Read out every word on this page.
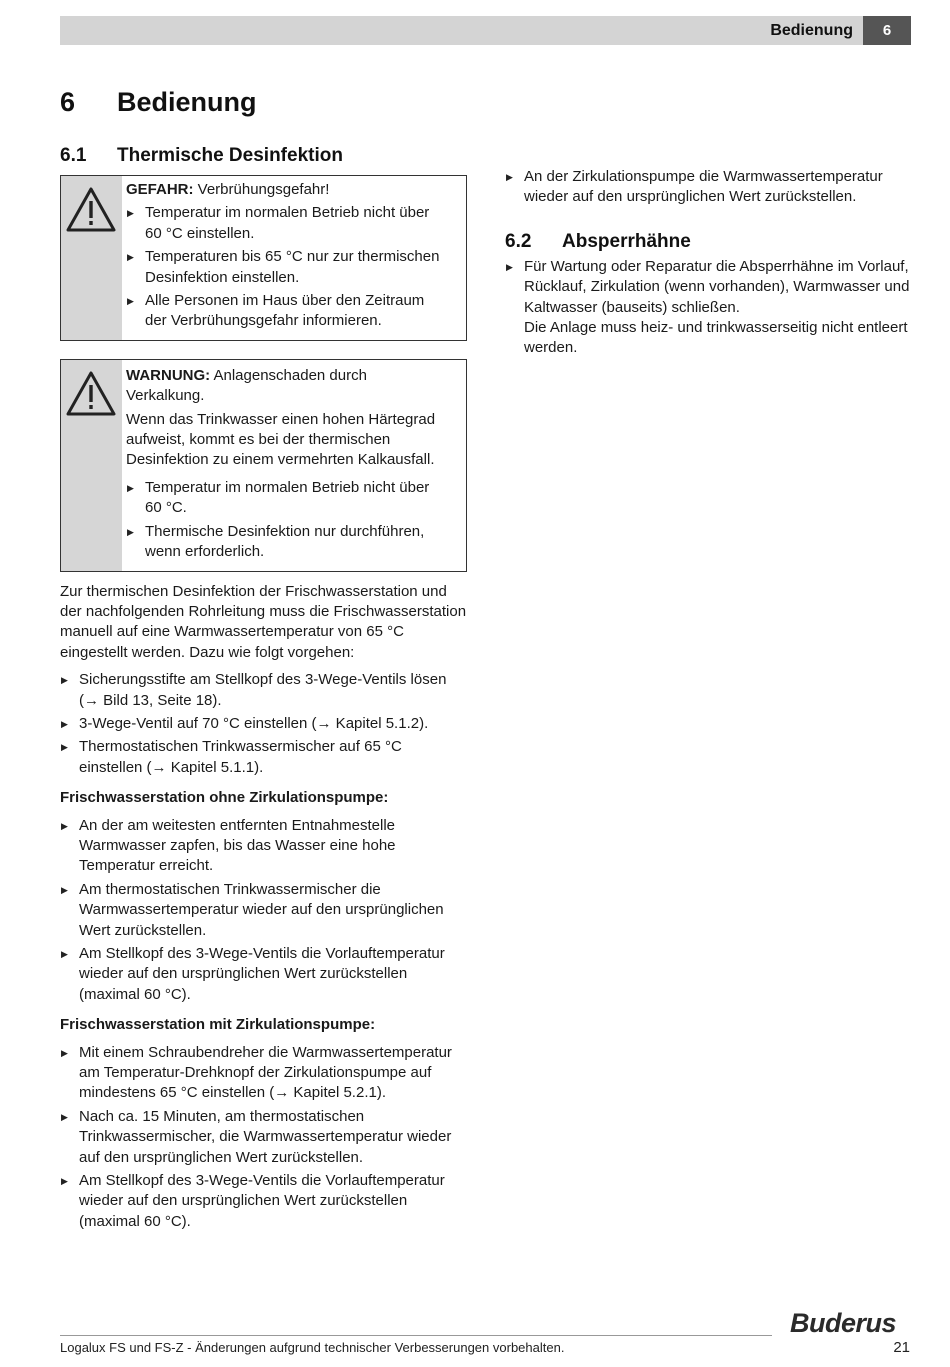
Bedienung	6
6 Bedienung
6.1 Thermische Desinfektion

GEFAHR: Verbrühungsgefahr!

▶ Temperatur im normalen Betrieb nicht über 60 °C einstellen.
▶ Temperaturen bis 65 °C nur zur thermischen Desinfektion einstellen.
▶ Alle Personen im Haus über den Zeitraum der Verbrühungsgefahr informieren.

WARNUNG: Anlagenschaden durch Verkalkung.

Wenn das Trinkwasser einen hohen Härtegrad aufweist, kommt es bei der thermischen Desinfektion zu einem vermehrten Kalkausfall.

▶ Temperatur im normalen Betrieb nicht über 60 °C.
▶ Thermische Desinfektion nur durchführen, wenn erforderlich.

Zur thermischen Desinfektion der Frischwasserstation und der nachfolgenden Rohrleitung muss die Frischwasserstation manuell auf eine Warmwassertemperatur von 65 °C eingestellt werden. Dazu wie folgt vorgehen:

▶ Sicherungsstifte am Stellkopf des 3-Wege-Ventils lösen (→ Bild 13, Seite 18).
▶ 3-Wege-Ventil auf 70 °C einstellen (→ Kapitel 5.1.2).
▶ Thermostatischen Trinkwassermischer auf 65 °C einstellen (→ Kapitel 5.1.1).

Frischwasserstation ohne Zirkulationspumpe:

▶ An der am weitesten entfernten Entnahmestelle Warmwasser zapfen, bis das Wasser eine hohe Temperatur erreicht.
▶ Am thermostatischen Trinkwassermischer die Warmwassertemperatur wieder auf den ursprünglichen Wert zurückstellen.
▶ Am Stellkopf des 3-Wege-Ventils die Vorlauftemperatur wieder auf den ursprünglichen Wert zurückstellen (maximal 60 °C).

Frischwasserstation mit Zirkulationspumpe:

▶ Mit einem Schraubendreher die Warmwassertemperatur am Temperatur-Drehknopf der Zirkulationspumpe auf mindestens 65 °C einstellen (→ Kapitel 5.2.1).
▶ Nach ca. 15 Minuten, am thermostatischen Trinkwassermischer, die Warmwassertemperatur wieder auf den ursprünglichen Wert zurückstellen.
▶ Am Stellkopf des 3-Wege-Ventils die Vorlauftemperatur wieder auf den ursprünglichen Wert zurückstellen (maximal 60 °C).
▶ An der Zirkulationspumpe die Warmwassertemperatur wieder auf den ursprünglichen Wert zurückstellen.
6.2 Absperrhähne
▶ Für Wartung oder Reparatur die Absperrhähne im Vorlauf, Rücklauf, Zirkulation (wenn vorhanden), Warmwasser und Kaltwasser (bauseits) schließen.
Die Anlage muss heiz- und trinkwasserseitig nicht entleert werden.
Buderus
Logalux FS und FS-Z - Änderungen aufgrund technischer Verbesserungen vorbehalten.	21
